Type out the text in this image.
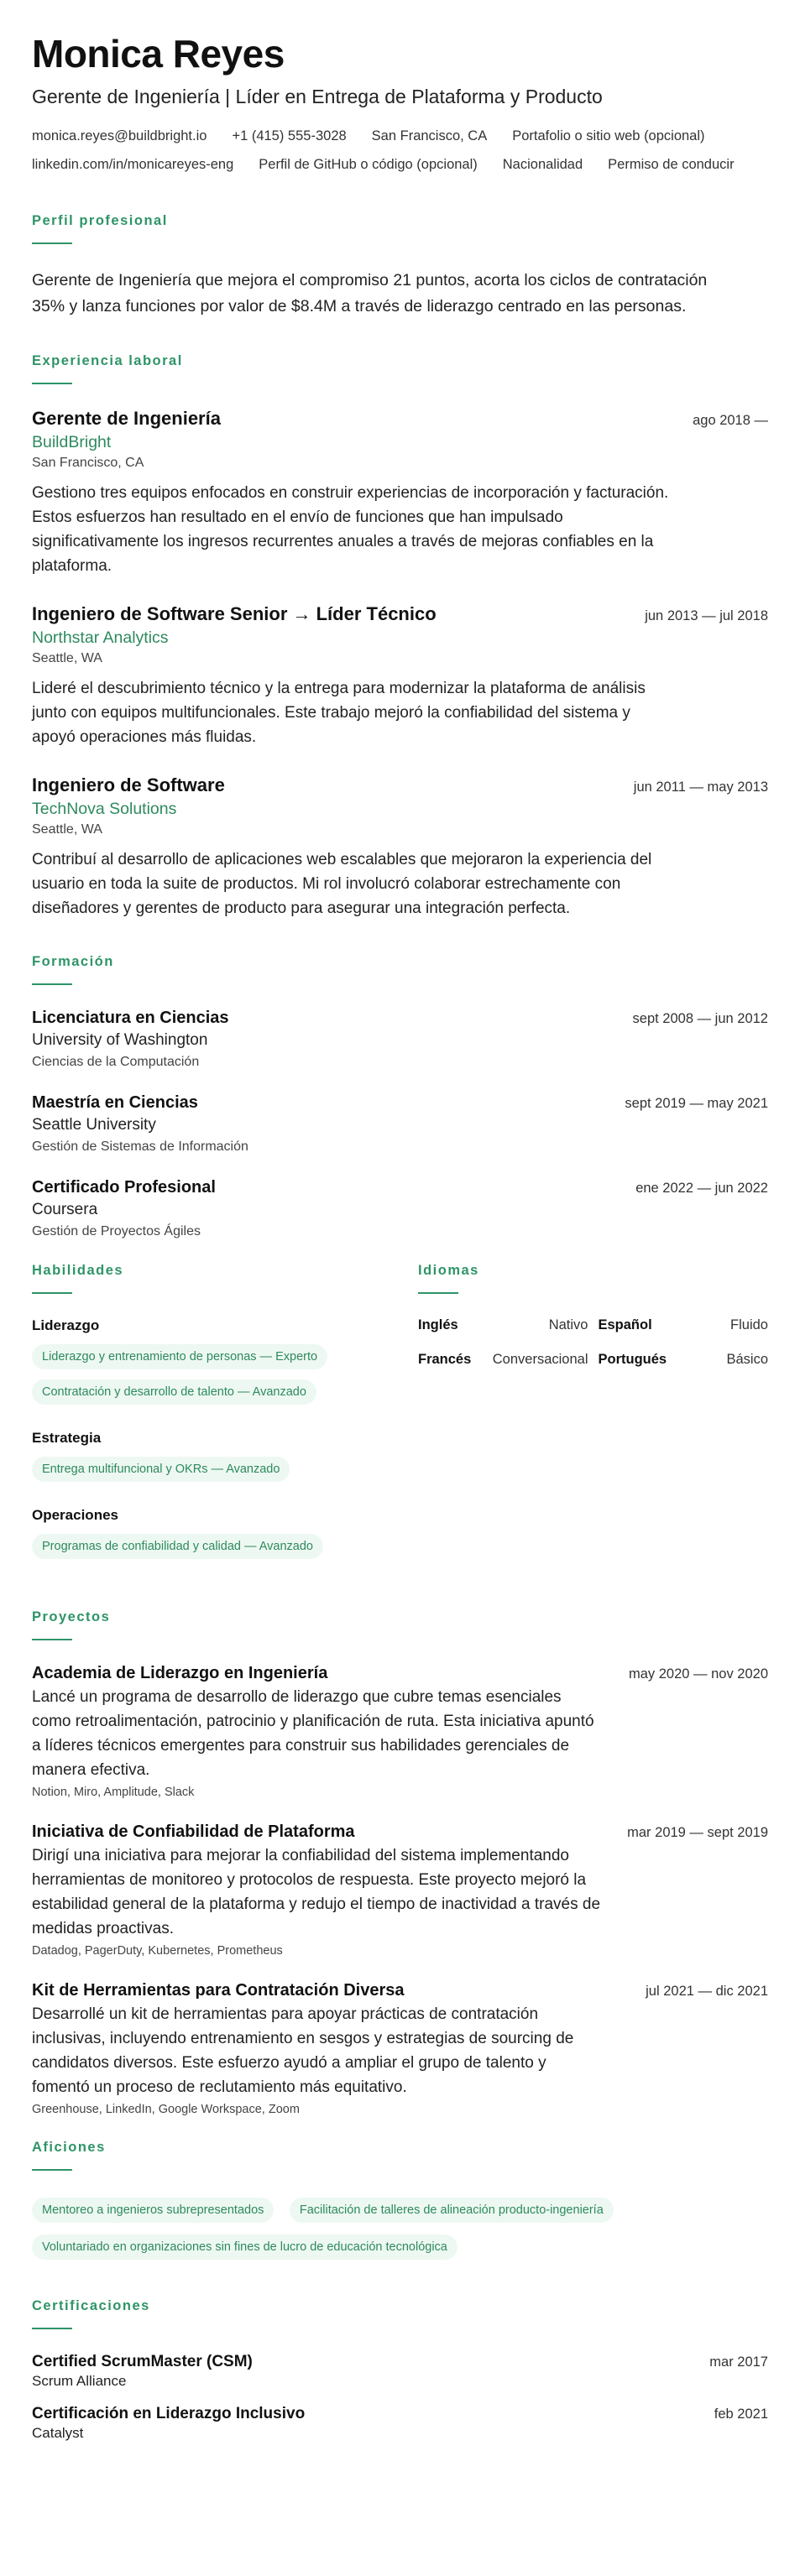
Monica Reyes
Gerente de Ingeniería | Líder en Entrega de Plataforma y Producto
monica.reyes@buildbright.io +1 (415) 555-3028 San Francisco, CA Portafolio o sitio web (opcional)
linkedin.com/in/monicareyes-eng Perfil de GitHub o código (opcional) Nacionalidad Permiso de conducir
Perfil profesional

Gerente de Ingeniería que mejora el compromiso 21 puntos, acorta los ciclos de contratación 35% y lanza funciones por valor de $8.4M a través de liderazgo centrado en las personas.

Experiencia laboral
Gerente de Ingeniería	ago 2018 —
BuildBright
San Francisco, CA

Gestiono tres equipos enfocados en construir experiencias de incorporación y facturación. Estos esfuerzos han resultado en el envío de funciones que han impulsado significativamente los ingresos recurrentes anuales a través de mejoras confiables en la plataforma.

Ingeniero de Software Senior → Líder Técnico	jun 2013 — jul 2018
Northstar Analytics
Seattle, WA

Lideré el descubrimiento técnico y la entrega para modernizar la plataforma de análisis junto con equipos multifuncionales. Este trabajo mejoró la confiabilidad del sistema y apoyó operaciones más fluidas.

Ingeniero de Software	jun 2011 — may 2013
TechNova Solutions
Seattle, WA

Contribuí al desarrollo de aplicaciones web escalables que mejoraron la experiencia del usuario en toda la suite de productos. Mi rol involucró colaborar estrechamente con diseñadores y gerentes de producto para asegurar una integración perfecta.

Formación
Licenciatura en Ciencias	sept 2008 — jun 2012
University of Washington
Ciencias de la Computación
Maestría en Ciencias	sept 2019 — may 2021
Seattle University
Gestión de Sistemas de Información
Certificado Profesional	ene 2022 — jun 2022
Coursera
Gestión de Proyectos Ágiles
Habilidades
Liderazgo
Liderazgo y entrenamiento de personas — Experto
Contratación y desarrollo de talento — Avanzado
Estrategia
Entrega multifuncional y OKRs — Avanzado
Operaciones
Programas de confiabilidad y calidad — Avanzado
Idiomas
Inglés	Nativo Español	Fluido
Francés Conversacional Portugués	Básico
Proyectos
Academia de Liderazgo en Ingeniería	may 2020 — nov 2020

Lancé un programa de desarrollo de liderazgo que cubre temas esenciales como retroalimentación, patrocinio y planificación de ruta. Esta iniciativa apuntó a líderes técnicos emergentes para construir sus habilidades gerenciales de manera efectiva.

Notion, Miro, Amplitude, Slack
Iniciativa de Confiabilidad de Plataforma	mar 2019 — sept 2019

Dirigí una iniciativa para mejorar la confiabilidad del sistema implementando herramientas de monitoreo y protocolos de respuesta. Este proyecto mejoró la estabilidad general de la plataforma y redujo el tiempo de inactividad a través de medidas proactivas.

Datadog, PagerDuty, Kubernetes, Prometheus
Kit de Herramientas para Contratación Diversa	jul 2021 — dic 2021

Desarrollé un kit de herramientas para apoyar prácticas de contratación inclusivas, incluyendo entrenamiento en sesgos y estrategias de sourcing de candidatos diversos. Este esfuerzo ayudó a ampliar el grupo de talento y fomentó un proceso de reclutamiento más equitativo.

Greenhouse, LinkedIn, Google Workspace, Zoom
Aficiones
Mentoreo a ingenieros subrepresentados	Facilitación de talleres de alineación producto-ingeniería Voluntariado en organizaciones sin fines de lucro de educación tecnológica
Certificaciones
Certified ScrumMaster (CSM)	mar 2017
Scrum Alliance
Certificación en Liderazgo Inclusivo	feb 2021
Catalyst
